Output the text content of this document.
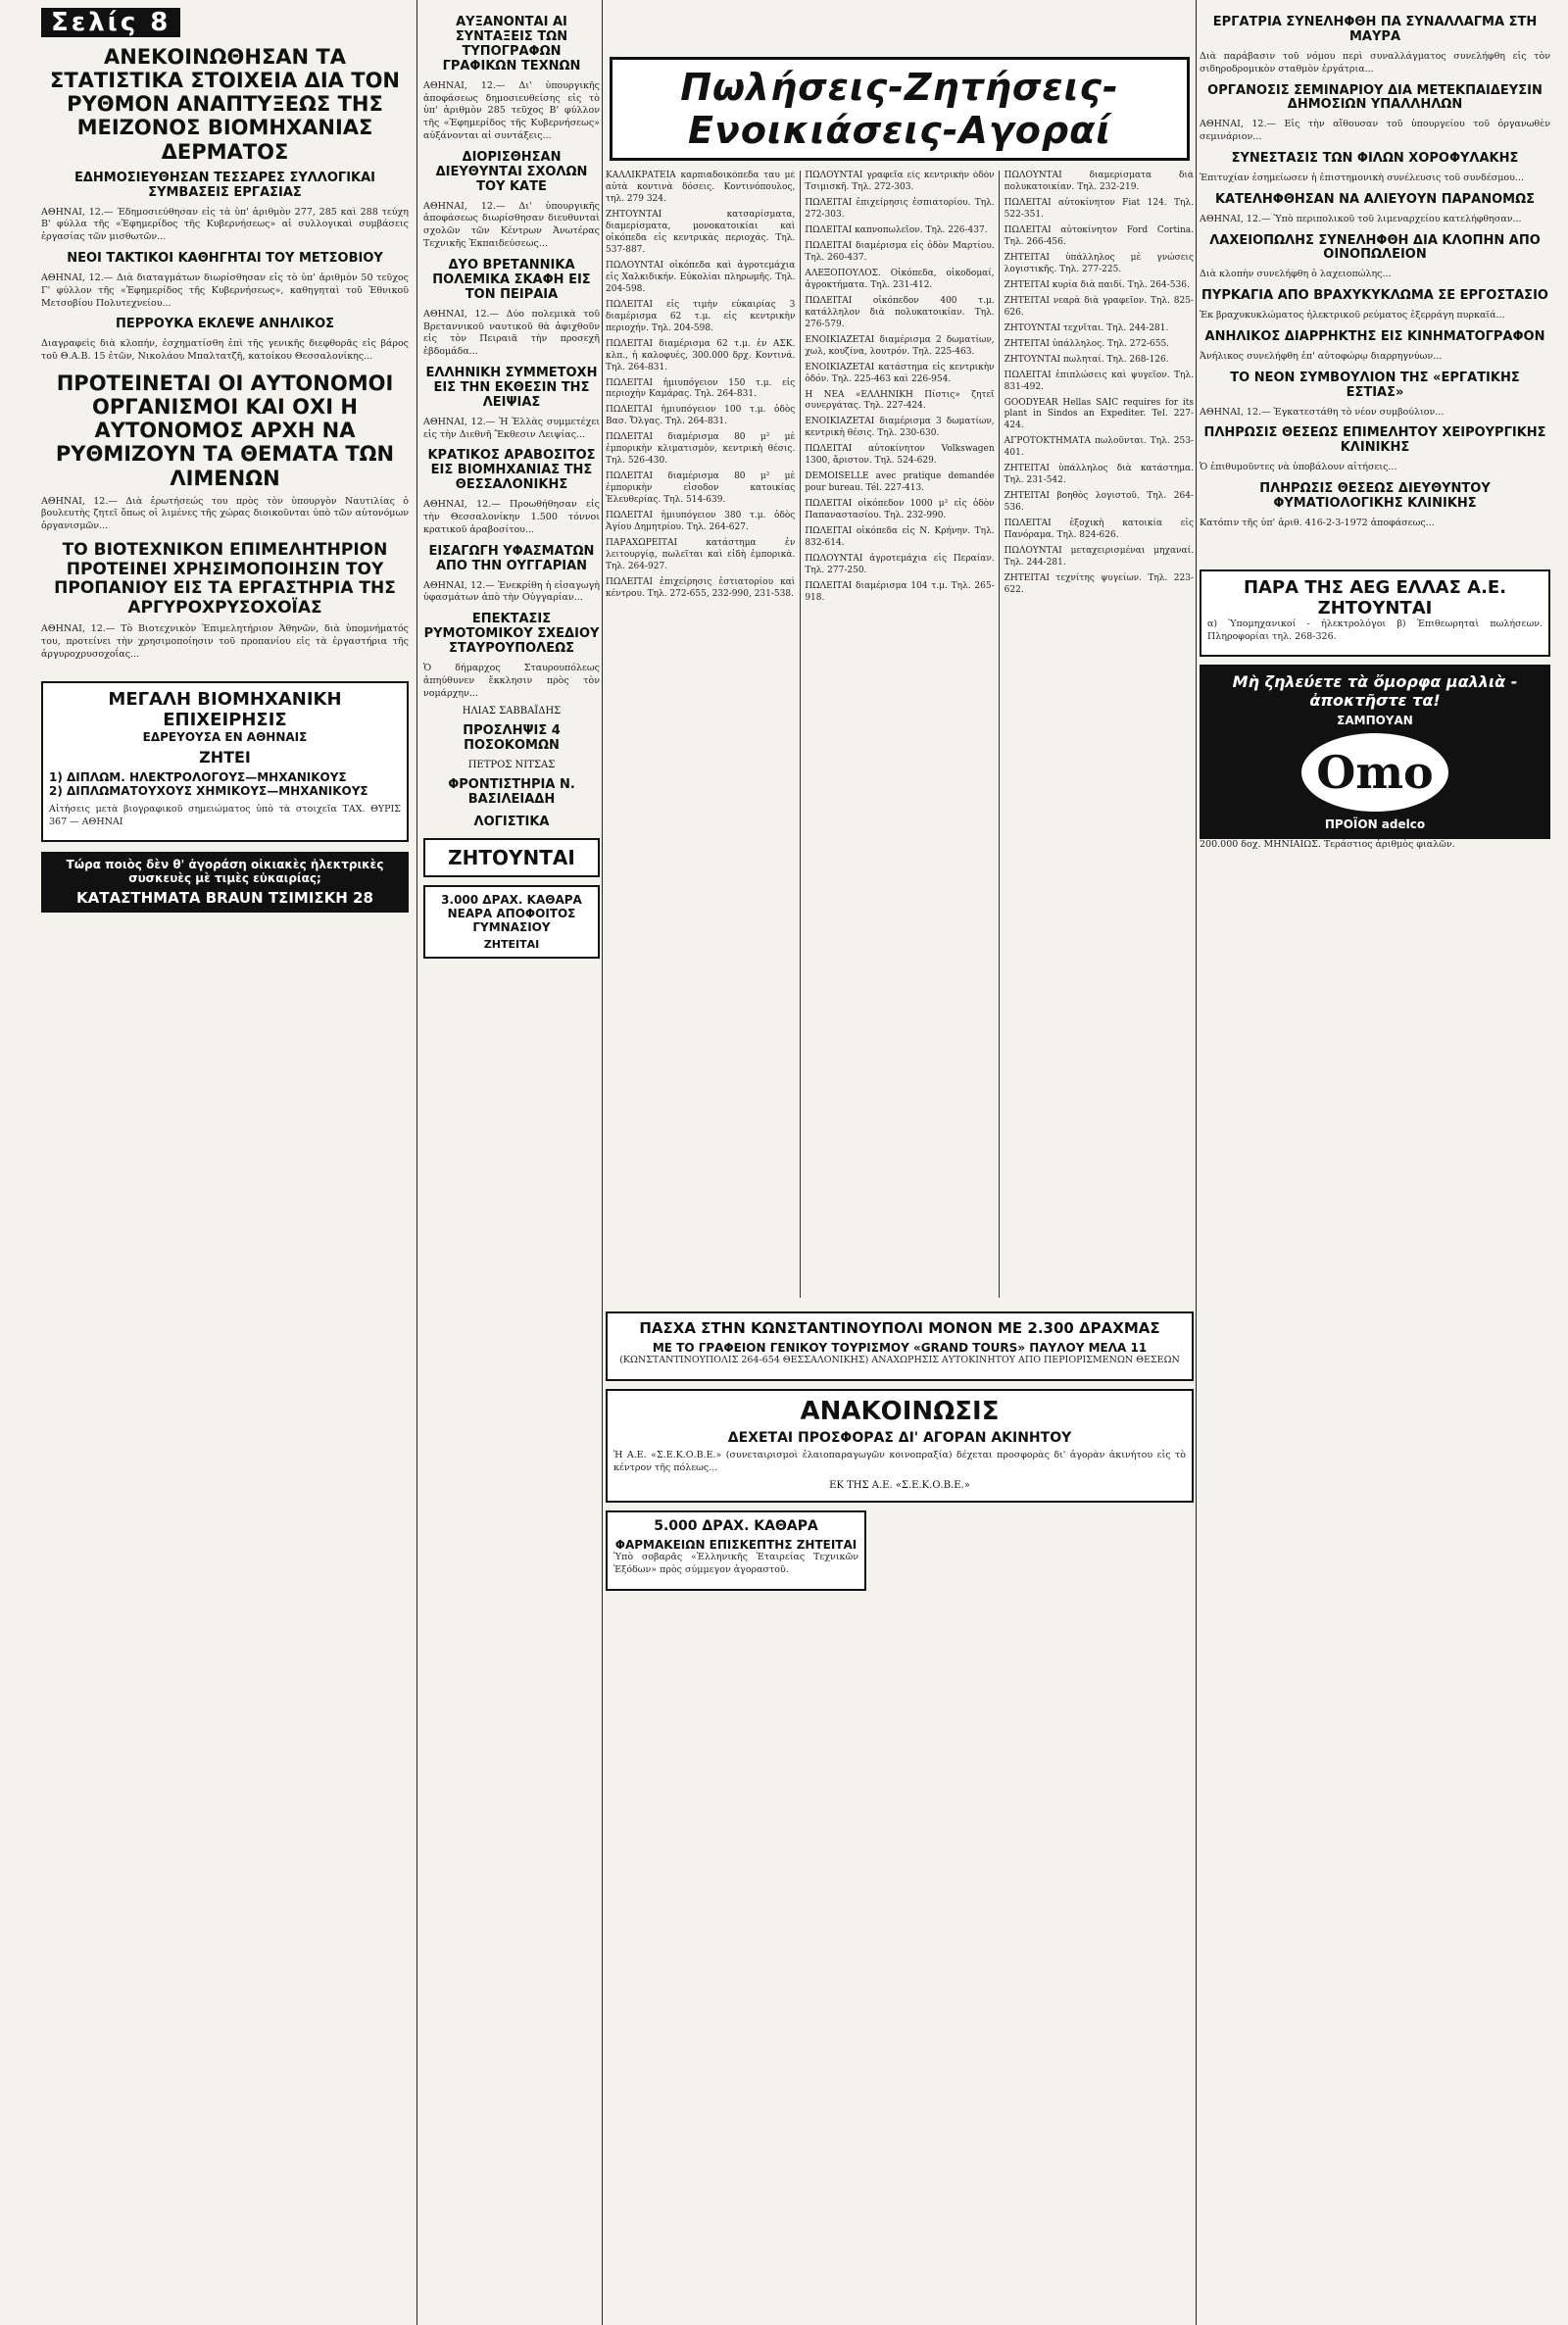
Σελίς 8
ΑΝΕΚΟΙΝΩΘΗΣΑΝ ΤΑ ΣΤΑΤΙΣΤΙΚΑ ΣΤΟΙΧΕΙΑ ΔΙΑ ΤΟΝ ΡΥΘΜΟΝ ΑΝΑΠΤΥΞΕΩΣ ΤΗΣ ΜΕΙΖΟΝΟΣ ΒΙΟΜΗΧΑΝΙΑΣ ΔΕΡΜΑΤΟΣ
ΕΔΗΜΟΣΙΕΥΘΗΣΑΝ ΤΕΣΣΑΡΕΣ ΣΥΛΛΟΓΙΚΑΙ ΣΥΜΒΑΣΕΙΣ ΕΡΓΑΣΙΑΣ

ΑΘΗΝΑΙ, 12.— Έδημοσιεύθησαν εἰς τὰ ὑπ' ἀριθμὸν 277, 285 καὶ 288 τεύχη Β' φύλλα τῆς «Ἐφημερίδος τῆς Κυβερνήσεως» αἱ συλλογικαὶ συμβάσεις ἐργασίας τῶν μισθωτῶν...

ΝΕΟΙ ΤΑΚΤΙΚΟΙ ΚΑΘΗΓΗΤΑΙ ΤΟΥ ΜΕΤΣΟΒΙΟΥ

ΑΘΗΝΑΙ, 12.— Διὰ διαταγμάτων διωρίσθησαν εἰς τὸ ὑπ' ἀριθμὸν 50 τεῦχος Γ' φύλλον τῆς «Ἐφημερίδος τῆς Κυβερνήσεως», καθηγηταὶ τοῦ Ἐθνικοῦ Μετσοβίου Πολυτεχνείου...

ΠΕΡΡΟΥΚΑ ΕΚΛΕΨΕ ΑΝΗΛΙΚΟΣ

Διαγραφεὶς διὰ κλοπήν, ἐσχηματίσθη ἐπὶ τῆς γενικῆς διεφθορᾶς εἰς βάρος τοῦ Θ.Α.Β. 15 ἐτῶν, Νικολάου Μπαλτατζῆ, κατοίκου Θεσσαλονίκης...

ΠΡΟΤΕΙΝΕΤΑΙ ΟΙ ΑΥΤΟΝΟΜΟΙ ΟΡΓΑΝΙΣΜΟΙ ΚΑΙ ΟΧΙ Η ΑΥΤΟΝΟΜΟΣ ΑΡΧΗ ΝΑ ΡΥΘΜΙΖΟΥΝ ΤΑ ΘΕΜΑΤΑ ΤΩΝ ΛΙΜΕΝΩΝ

ΑΘΗΝΑΙ, 12.— Διὰ ἐρωτήσεώς του πρὸς τὸν ὑπουργὸν Ναυτιλίας ὁ βουλευτὴς ζητεῖ ὅπως οἱ λιμένες τῆς χώρας διοικοῦνται ὑπὸ τῶν αὐτονόμων ὀργανισμῶν...

ΤΟ ΒΙΟΤΕΧΝΙΚΟΝ ΕΠΙΜΕΛΗΤΗΡΙΟΝ ΠΡΟΤΕΙΝΕΙ ΧΡΗΣΙΜΟΠΟΙΗΣΙΝ ΤΟΥ ΠΡΟΠΑΝΙΟΥ ΕΙΣ ΤΑ ΕΡΓΑΣΤΗΡΙΑ ΤΗΣ ΑΡΓΥΡΟΧΡΥΣΟΧΟΪΑΣ

ΑΘΗΝΑΙ, 12.— Τὸ Βιοτεχνικὸν Ἐπιμελητήριον Ἀθηνῶν, διὰ ὑπομνήματός του, προτείνει τὴν χρησιμοποίησιν τοῦ προπανίου εἰς τὰ ἐργαστήρια τῆς ἀργυροχρυσοχοΐας...

ΜΕΓΑΛΗ ΒΙΟΜΗΧΑΝΙΚΗ ΕΠΙΧΕΙΡΗΣΙΣ
ΕΔΡΕΥΟΥΣΑ ΕΝ ΑΘΗΝΑΙΣ
ΖΗΤΕΙ
1) ΔΙΠΛΩΜ. ΗΛΕΚΤΡΟΛΟΓΟΥΣ—ΜΗΧΑΝΙΚΟΥΣ
2) ΔΙΠΛΩΜΑΤΟΥΧΟΥΣ ΧΗΜΙΚΟΥΣ—ΜΗΧΑΝΙΚΟΥΣ

Αἰτήσεις μετὰ βιογραφικοῦ σημειώματος ὑπὸ τὰ στοιχεῖα ΤΑΧ. ΘΥΡΙΣ 367 — ΑΘΗΝΑΙ

Τώρα ποιὸς δὲν θ' ἀγοράση οἰκιακὲς ἠλεκτρικὲς συσκευὲς μὲ τιμὲς εὐκαιρίας;
ΚΑΤΑΣΤΗΜΑΤΑ BRAUN ΤΣΙΜΙΣΚΗ 28
ΑΥΞΑΝΟΝΤΑΙ ΑΙ ΣΥΝΤΑΞΕΙΣ ΤΩΝ ΤΥΠΟΓΡΑΦΩΝ ΓΡΑΦΙΚΩΝ ΤΕΧΝΩΝ

ΑΘΗΝΑΙ, 12.— Δι' ὑπουργικῆς ἀποφάσεως δημοσιευθείσης εἰς τὸ ὑπ' ἀριθμὸν 285 τεῦχος Β' φύλλον τῆς «Ἐφημερίδος τῆς Κυβερνήσεως» αὐξάνονται αἱ συντάξεις...

ΔΙΟΡΙΣΘΗΣΑΝ ΔΙΕΥΘΥΝΤΑΙ ΣΧΟΛΩΝ ΤΟΥ ΚΑΤΕ

ΑΘΗΝΑΙ, 12.— Δι' ὑπουργικῆς ἀποφάσεως διωρίσθησαν διευθυνταὶ σχολῶν τῶν Κέντρων Ἀνωτέρας Τεχνικῆς Ἐκπαιδεύσεως...

ΔΥΟ ΒΡΕΤΑΝΝΙΚΑ ΠΟΛΕΜΙΚΑ ΣΚΑΦΗ ΕΙΣ ΤΟΝ ΠΕΙΡΑΙΑ

ΑΘΗΝΑΙ, 12.— Δύο πολεμικὰ τοῦ Βρεταννικοῦ ναυτικοῦ θὰ ἀφιχθοῦν εἰς τὸν Πειραιᾶ τὴν προσεχῆ ἑβδομάδα...

ΕΛΛΗΝΙΚΗ ΣΥΜΜΕΤΟΧΗ ΕΙΣ ΤΗΝ ΕΚΘΕΣΙΝ ΤΗΣ ΛΕΙΨΙΑΣ

ΑΘΗΝΑΙ, 12.— Ἡ Ἑλλὰς συμμετέχει εἰς τὴν Διεθνῆ Ἔκθεσιν Λειψίας...

ΚΡΑΤΙΚΟΣ ΑΡΑΒΟΣΙΤΟΣ ΕΙΣ ΒΙΟΜΗΧΑΝΙΑΣ ΤΗΣ ΘΕΣΣΑΛΟΝΙΚΗΣ

ΑΘΗΝΑΙ, 12.— Προωθήθησαν εἰς τὴν Θεσσαλονίκην 1.500 τόννοι κρατικοῦ ἀραβοσίτου...

ΕΙΣΑΓΩΓΗ ΥΦΑΣΜΑΤΩΝ ΑΠΟ ΤΗΝ ΟΥΓΓΑΡΙΑΝ

ΑΘΗΝΑΙ, 12.— Ἐνεκρίθη ἡ εἰσαγωγὴ ὑφασμάτων ἀπὸ τὴν Οὐγγαρίαν...

ΕΠΕΚΤΑΣΙΣ ΡΥΜΟΤΟΜΙΚΟΥ ΣΧΕΔΙΟΥ ΣΤΑΥΡΟΥΠΟΛΕΩΣ

Ὁ δήμαρχος Σταυρουπόλεως ἀπηύθυνεν ἔκκλησιν πρὸς τὸν νομάρχην...

ΗΛΙΑΣ ΣΑΒΒΑΪΔΗΣ
ΠΡΟΣΛΗΨΙΣ 4 ΠΟΣΟΚΟΜΩΝ
ΠΕΤΡΟΣ ΝΙΤΣΑΣ
ΦΡΟΝΤΙΣΤΗΡΙΑ Ν. ΒΑΣΙΛΕΙΑΔΗ
ΛΟΓΙΣΤΙΚΑ
ΖΗΤΟΥΝΤΑΙ
3.000 ΔΡΑΧ. ΚΑΘΑΡΑ ΝΕΑΡΑ ΑΠΟΦΟΙΤΟΣ ΓΥΜΝΑΣΙΟΥ
ΖΗΤΕΙΤΑΙ
Πωλήσεις-Ζητήσεις-Ενοικιάσεις-Αγοραί

ΚΑΛΛΙΚΡΑΤΕΙΑ καρπιαδοικόπεδα ταυ μὲ αὐτὰ κοντινὰ δόσεις. Κοντινόπουλος, τηλ. 279 324.

ΖΗΤΟΥΝΤΑΙ κατσαρίσματα, διαμερίσματα, μονοκατοικίαι καὶ οἰκόπεδα εἰς κεντρικὰς περιοχάς. Τηλ. 537-887.

ΠΩΛΟΥΝΤΑΙ οἰκόπεδα καὶ ἀγροτεμάχια εἰς Χαλκιδικήν. Εὐκολίαι πληρωμῆς. Τηλ. 204-598.

ΠΩΛΕΙΤΑΙ εἰς τιμὴν εὐκαιρίας 3 διαμέρισμα 62 τ.μ. εἰς κεντρικὴν περιοχήν. Τηλ. 204-598.

ΠΩΛΕΙΤΑΙ διαμέρισμα 62 τ.μ. ἐν ΑΣΚ. κλπ., ἡ καλοφυὲς, 300.000 δρχ. Κοντινά. Τηλ. 264-831.

ΠΩΛΕΙΤΑΙ ἡμιυπόγειον 150 τ.μ. εἰς περιοχὴν Καμάρας. Τηλ. 264-831.

ΠΩΛΕΙΤΑΙ ἡμιυπόγειον 100 τ.μ. ὁδὸς Βασ. Ὄλγας. Τηλ. 264-831.

ΠΩΛΕΙΤΑΙ διαμέρισμα 80 μ² μὲ ἐμπορικὴν κλιματισμὸν, κεντρικὴ θέσις. Τηλ. 526-430.

ΠΩΛΕΙΤΑΙ διαμέρισμα 80 μ² μὲ ἐμπορικὴν εἰσοδον κατοικίας Ἐλευθερίας. Τηλ. 514-639.

ΠΩΛΕΙΤΑΙ ἡμιυπόγειον 380 τ.μ. ὁδὸς Ἁγίου Δημητρίου. Τηλ. 264-627.

ΠΑΡΑΧΩΡΕΙΤΑΙ κατάστημα ἐν λειτουργίᾳ, πωλεῖται καὶ εἰδὴ ἐμπορικὰ. Τηλ. 264-927.

ΠΩΛΕΙΤΑΙ ἐπιχείρησις ἐστιατορίου καὶ κέντρου. Τηλ. 272-655, 232-990, 231-538.

ΠΩΛΟΥΝΤΑΙ γραφεῖα εἰς κεντρικὴν ὁδὸν Τσιμισκῆ. Τηλ. 272-303.

ΠΩΛΕΙΤΑΙ ἐπιχείρησις ἐσπιατορίου. Τηλ. 272-303.

ΠΩΛΕΙΤΑΙ καπνοπωλεῖον. Τηλ. 226-437.

ΠΩΛΕΙΤΑΙ διαμέρισμα εἰς ὁδὸν Μαρτίου. Τηλ. 260-437.

ΑΛΕΞΟΠΟΥΛΟΣ. Οἰκόπεδα, οἰκοδομαί, ἀγροκτήματα. Τηλ. 231-412.

ΠΩΛΕΙΤΑΙ οἰκόπεδον 400 τ.μ. κατάλληλον διὰ πολυκατοικίαν. Τηλ. 276-579.

ΕΝΟΙΚΙΑΖΕΤΑΙ διαμέρισμα 2 δωματίων, χωλ, κουζίνα, λουτρόν. Τηλ. 225-463.

ΕΝΟΙΚΙΑΖΕΤΑΙ κατάστημα εἰς κεντρικὴν ὁδόν. Τηλ. 225-463 καὶ 226-954.

Η ΝΕΑ «ΕΛΛΗΝΙΚΗ Πίστις» ζητεῖ συνεργάτας. Τηλ. 227-424.

ΕΝΟΙΚΙΑΖΕΤΑΙ διαμέρισμα 3 δωματίων, κεντρικὴ θέσις. Τηλ. 230-630.

ΠΩΛΕΙΤΑΙ αὐτοκίνητον Volkswagen 1300, ἄριστον. Τηλ. 524-629.

DEMOISELLE avec pratique demandée pour bureau. Tél. 227-413.

ΠΩΛΕΙΤΑΙ οἰκόπεδον 1000 μ² εἰς ὁδὸν Παπαναστασίου. Τηλ. 232-990.

ΠΩΛΕΙΤΑΙ οἰκόπεδα εἰς Ν. Κρήνην. Τηλ. 832-614.

ΠΩΛΟΥΝΤΑΙ ἀγροτεμάχια εἰς Περαίαν. Τηλ. 277-250.

ΠΩΛΕΙΤΑΙ διαμέρισμα 104 τ.μ. Τηλ. 265-918.

ΠΩΛΟΥΝΤΑΙ διαμερίσματα διὰ πολυκατοικίαν. Τηλ. 232-219.

ΠΩΛΕΙΤΑΙ αὐτοκίνητον Fiat 124. Τηλ. 522-351.

ΠΩΛΕΙΤΑΙ αὐτοκίνητον Ford Cortina. Τηλ. 266-456.

ΖΗΤΕΙΤΑΙ ὑπάλληλος μὲ γνώσεις λογιστικῆς. Τηλ. 277-225.

ΖΗΤΕΙΤΑΙ κυρία διὰ παιδί. Τηλ. 264-536.

ΖΗΤΕΙΤΑΙ νεαρὰ διὰ γραφεῖον. Τηλ. 825-626.

ΖΗΤΟΥΝΤΑΙ τεχνῖται. Τηλ. 244-281.

ΖΗΤΕΙΤΑΙ ὑπάλληλος. Τηλ. 272-655.

ΖΗΤΟΥΝΤΑΙ πωληταί. Τηλ. 268-126.

ΠΩΛΕΙΤΑΙ ἐπιπλώσεις καὶ ψυγεῖον. Τηλ. 831-492.

GOODYEAR Hellas SAIC requires for its plant in Sindos an Expediter. Tel. 227-424.

ΑΓΡΟΤΟΚΤΗΜΑΤΑ πωλοῦνται. Τηλ. 253-401.

ΖΗΤΕΙΤΑΙ ὑπάλληλος διὰ κατάστημα. Τηλ. 231-542.

ΖΗΤΕΙΤΑΙ βοηθὸς λογιστοῦ. Τηλ. 264-536.

ΠΩΛΕΙΤΑΙ ἐξοχικὴ κατοικία εἰς Πανόραμα. Τηλ. 824-626.

ΠΩΛΟΥΝΤΑΙ μεταχειρισμέναι μηχαναί. Τηλ. 244-281.

ΖΗΤΕΙΤΑΙ τεχνίτης ψυγείων. Τηλ. 223-622.

ΠΑΣΧΑ ΣΤΗΝ ΚΩΝΣΤΑΝΤΙΝΟΥΠΟΛΙ ΜΟΝΟΝ ΜΕ 2.300 ΔΡΑΧΜΑΣ
ΜΕ ΤΟ ΓΡΑΦΕΙΟΝ ΓΕΝΙΚΟΥ ΤΟΥΡΙΣΜΟΥ «GRAND TOURS» ΠΑΥΛΟΥ ΜΕΛΑ 11

(ΚΩΝΣΤΑΝΤΙΝΟΥΠΟΛΙΣ 264-654 ΘΕΣΣΑΛΟΝΙΚΗΣ) ΑΝΑΧΩΡΗΣΙΣ ΑΥΤΟΚΙΝΗΤΟΥ ΑΠΟ ΠΕΡΙΟΡΙΣΜΕΝΩΝ ΘΕΣΕΩΝ

ΑΝΑΚΟΙΝΩΣΙΣ
ΔΕΧΕΤΑΙ ΠΡΟΣΦΟΡΑΣ ΔΙ' ΑΓΟΡΑΝ ΑΚΙΝΗΤΟΥ

Ἡ Α.Ε. «Σ.Ε.Κ.Ο.Β.Ε.» (συνεταιρισμοὶ ἐλαιοπαραγωγῶν κοινοπραξία) δέχεται προσφορὰς δι' ἀγορὰν ἀκινήτου εἰς τὸ κέντρον τῆς πόλεως...

ΕΚ ΤΗΣ Α.Ε. «Σ.Ε.Κ.Ο.Β.Ε.»
5.000 ΔΡΑΧ. ΚΑΘΑΡΑ
ΦΑΡΜΑΚΕΙΩΝ ΕΠΙΣΚΕΠΤΗΣ ΖΗΤΕΙΤΑΙ

Ὑπὸ σοβαρᾶς «Ἑλληνικῆς Ἐταιρείας Τεχνικῶν Ἐξόδων» πρὸς σύμμεγον ἀγοραστοῦ.

ΕΡΓΑΤΡΙΑ ΣΥΝΕΛΗΦΘΗ ΠΑ ΣΥΝΑΛΛΑΓΜΑ ΣΤΗ ΜΑΥΡΑ

Διὰ παράβασιν τοῦ νόμου περὶ συναλλάγματος συνελήφθη εἰς τὸν σιδηροδρομικὸν σταθμὸν ἐργάτρια...

ΟΡΓΑΝΟΣΙΣ ΣΕΜΙΝΑΡΙΟΥ ΔΙΑ ΜΕΤΕΚΠΑΙΔΕΥΣΙΝ ΔΗΜΟΣΙΩΝ ΥΠΑΛΛΗΛΩΝ

ΑΘΗΝΑΙ, 12.— Εἰς τὴν αἴθουσαν τοῦ ὑπουργείου τοῦ ὀργανωθὲν σεμινάριον...

ΣΥΝΕΣΤΑΣΙΣ ΤΩΝ ΦΙΛΩΝ ΧΟΡΟΦΥΛΑΚΗΣ

Ἐπιτυχίαν ἐσημείωσεν ἡ ἐπιστημονικὴ συνέλευσις τοῦ συνδέσμου...

ΚΑΤΕΛΗΦΘΗΣΑΝ ΝΑ ΑΛΙΕΥΟΥΝ ΠΑΡΑΝΟΜΩΣ

ΑΘΗΝΑΙ, 12.— Ὑπὸ περιπολικοῦ τοῦ λιμεναρχείου κατελήφθησαν...

ΛΑΧΕΙΟΠΩΛΗΣ ΣΥΝΕΛΗΦΘΗ ΔΙΑ ΚΛΟΠΗΝ ΑΠΟ ΟΙΝΟΠΩΛΕΙΟΝ

Διὰ κλοπὴν συνελήφθη ὁ λαχειοπώλης...

ΠΥΡΚΑΓΙΑ ΑΠΟ ΒΡΑΧΥΚΥΚΛΩΜΑ ΣΕ ΕΡΓΟΣΤΑΣΙΟ

Ἐκ βραχυκυκλώματος ἠλεκτρικοῦ ρεύματος ἐξερράγη πυρκαϊά...

ΑΝΗΛΙΚΟΣ ΔΙΑΡΡΗΚΤΗΣ ΕΙΣ ΚΙΝΗΜΑΤΟΓΡΑΦΟΝ

Ἀνήλικος συνελήφθη ἐπ' αὐτοφώρῳ διαρρηγνύων...

ΤΟ ΝΕΟΝ ΣΥΜΒΟΥΛΙΟΝ ΤΗΣ «ΕΡΓΑΤΙΚΗΣ ΕΣΤΙΑΣ»

ΑΘΗΝΑΙ, 12.— Ἐγκατεστάθη τὸ νέον συμβούλιον...

ΠΛΗΡΩΣΙΣ ΘΕΣΕΩΣ ΕΠΙΜΕΛΗΤΟΥ ΧΕΙΡΟΥΡΓΙΚΗΣ ΚΛΙΝΙΚΗΣ

Ὁ ἐπιθυμοῦντες νὰ ὑποβάλουν αἰτήσεις...

ΠΛΗΡΩΣΙΣ ΘΕΣΕΩΣ ΔΙΕΥΘΥΝΤΟΥ ΦΥΜΑΤΙΟΛΟΓΙΚΗΣ ΚΛΙΝΙΚΗΣ

Κατόπιν τῆς ὑπ' ἀριθ. 416-2-3-1972 ἀποφάσεως...

ΠΑΡΑ ΤΗΣ AEG ΕΛΛΑΣ Α.Ε. ΖΗΤΟΥΝΤΑΙ

α) Ὑπομηχανικοί - ἠλεκτρολόγοι β) Ἐπιθεωρηταὶ πωλήσεων. Πληροφορίαι τηλ. 268-326.

Μὴ ζηλεύετε τὰ ὄμορφα μαλλιὰ - ἀποκτῆστε τα!
ΣΑΜΠΟΥΑΝ
Omo
ΠΡΟΪΟΝ adelco

200.000 δοχ. ΜΗΝΙΑΙΩΣ. Τεράστιος ἀριθμὸς φιαλῶν.
